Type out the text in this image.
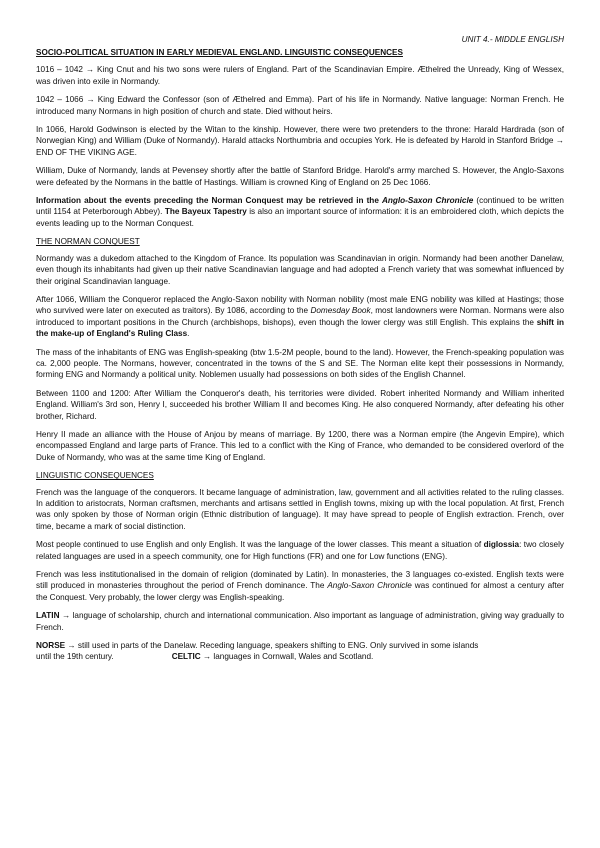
UNIT 4.- MIDDLE ENGLISH
SOCIO-POLITICAL SITUATION IN EARLY MEDIEVAL ENGLAND. LINGUISTIC CONSEQUENCES

1016 – 1042 → King Cnut and his two sons were rulers of England. Part of the Scandinavian Empire. Æthelred the Unready, King of Wessex, was driven into exile in Normandy.

1042 – 1066 → King Edward the Confessor (son of Æthelred and Emma). Part of his life in Normandy. Native language: Norman French. He introduced many Normans in high position of church and state. Died without heirs.

In 1066, Harold Godwinson is elected by the Witan to the kinship. However, there were two pretenders to the throne: Harald Hardrada (son of Norwegian King) and William (Duke of Normandy). Harald attacks Northumbria and occupies York. He is defeated by Harold in Stanford Bridge → END OF THE VIKING AGE.

William, Duke of Normandy, lands at Pevensey shortly after the battle of Stanford Bridge. Harold's army marched S. However, the Anglo-Saxons were defeated by the Normans in the battle of Hastings. William is crowned King of England on 25 Dec 1066.

Information about the events preceding the Norman Conquest may be retrieved in the Anglo-Saxon Chronicle (continued to be written until 1154 at Peterborough Abbey). The Bayeux Tapestry is also an important source of information: it is an embroidered cloth, which depicts the events leading up to the Norman Conquest.

THE NORMAN CONQUEST

Normandy was a dukedom attached to the Kingdom of France. Its population was Scandinavian in origin. Normandy had been another Danelaw, even though its inhabitants had given up their native Scandinavian language and had adopted a French variety that was somewhat influenced by their original Scandinavian language.

After 1066, William the Conqueror replaced the Anglo-Saxon nobility with Norman nobility (most male ENG nobility was killed at Hastings; those who survived were later on executed as traitors). By 1086, according to the Domesday Book, most landowners were Norman. Normans were also introduced to important positions in the Church (archbishops, bishops), even though the lower clergy was still English. This explains the shift in the make-up of England's Ruling Class.

The mass of the inhabitants of ENG was English-speaking (btw 1.5-2M people, bound to the land). However, the French-speaking population was ca. 2,000 people. The Normans, however, concentrated in the towns of the S and SE. The Norman elite kept their possessions in Normandy, forming ENG and Normandy a political unity. Noblemen usually had possessions on both sides of the English Channel.

Between 1100 and 1200: After William the Conqueror's death, his territories were divided. Robert inherited Normandy and William inherited England. William's 3rd son, Henry I, succeeded his brother William II and becomes King. He also conquered Normandy, after defeating his other brother, Richard.

Henry II made an alliance with the House of Anjou by means of marriage. By 1200, there was a Norman empire (the Angevin Empire), which encompassed England and large parts of France. This led to a conflict with the King of France, who demanded to be considered overlord of the Duke of Normandy, who was at the same time King of England.

LINGUISTIC CONSEQUENCES

French was the language of the conquerors. It became language of administration, law, government and all activities related to the ruling classes. In addition to aristocrats, Norman craftsmen, merchants and artisans settled in English towns, mixing up with the local population. At first, French was only spoken by those of Norman origin (Ethnic distribution of language). It may have spread to people of English extraction. French, over time, became a mark of social distinction.

Most people continued to use English and only English. It was the language of the lower classes. This meant a situation of diglossia: two closely related languages are used in a speech community, one for High functions (FR) and one for Low functions (ENG).

French was less institutionalised in the domain of religion (dominated by Latin). In monasteries, the 3 languages co-existed. English texts were still produced in monasteries throughout the period of French dominance. The Anglo-Saxon Chronicle was continued for almost a century after the Conquest. Very probably, the lower clergy was English-speaking.

LATIN → language of scholarship, church and international communication. Also important as language of administration, giving way gradually to French.

NORSE → still used in parts of the Danelaw. Receding language, speakers shifting to ENG. Only survived in some islands

until the 19th century.	CELTIC → languages in Cornwall, Wales and Scotland.
